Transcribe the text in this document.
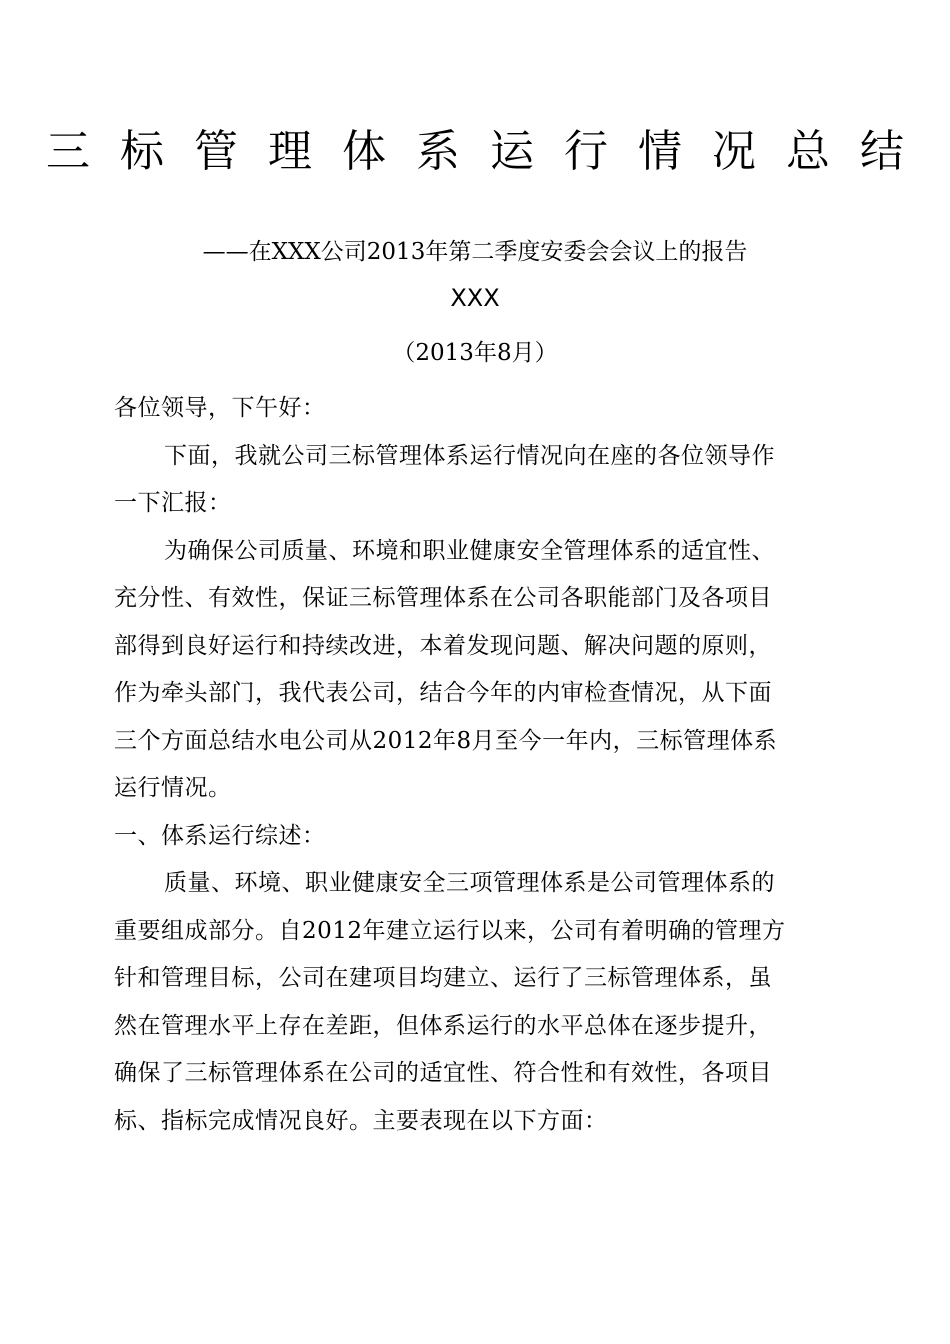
三标管理体系运行情况总结
——在XXX公司2013年第二季度安委会会议上的报告
XXX
（2013年8月）
各位领导，下午好：
下面，我就公司三标管理体系运行情况向在座的各位领导作
一下汇报：
为确保公司质量、环境和职业健康安全管理体系的适宜性、
充分性、有效性，保证三标管理体系在公司各职能部门及各项目
部得到良好运行和持续改进，本着发现问题、解决问题的原则，
作为牵头部门，我代表公司，结合今年的内审检查情况，从下面
三个方面总结水电公司从2012年8月至今一年内，三标管理体系
运行情况。
一、体系运行综述：
质量、环境、职业健康安全三项管理体系是公司管理体系的
重要组成部分。自2012年建立运行以来，公司有着明确的管理方
针和管理目标，公司在建项目均建立、运行了三标管理体系，虽
然在管理水平上存在差距，但体系运行的水平总体在逐步提升，
确保了三标管理体系在公司的适宜性、符合性和有效性，各项目
标、指标完成情况良好。主要表现在以下方面：
